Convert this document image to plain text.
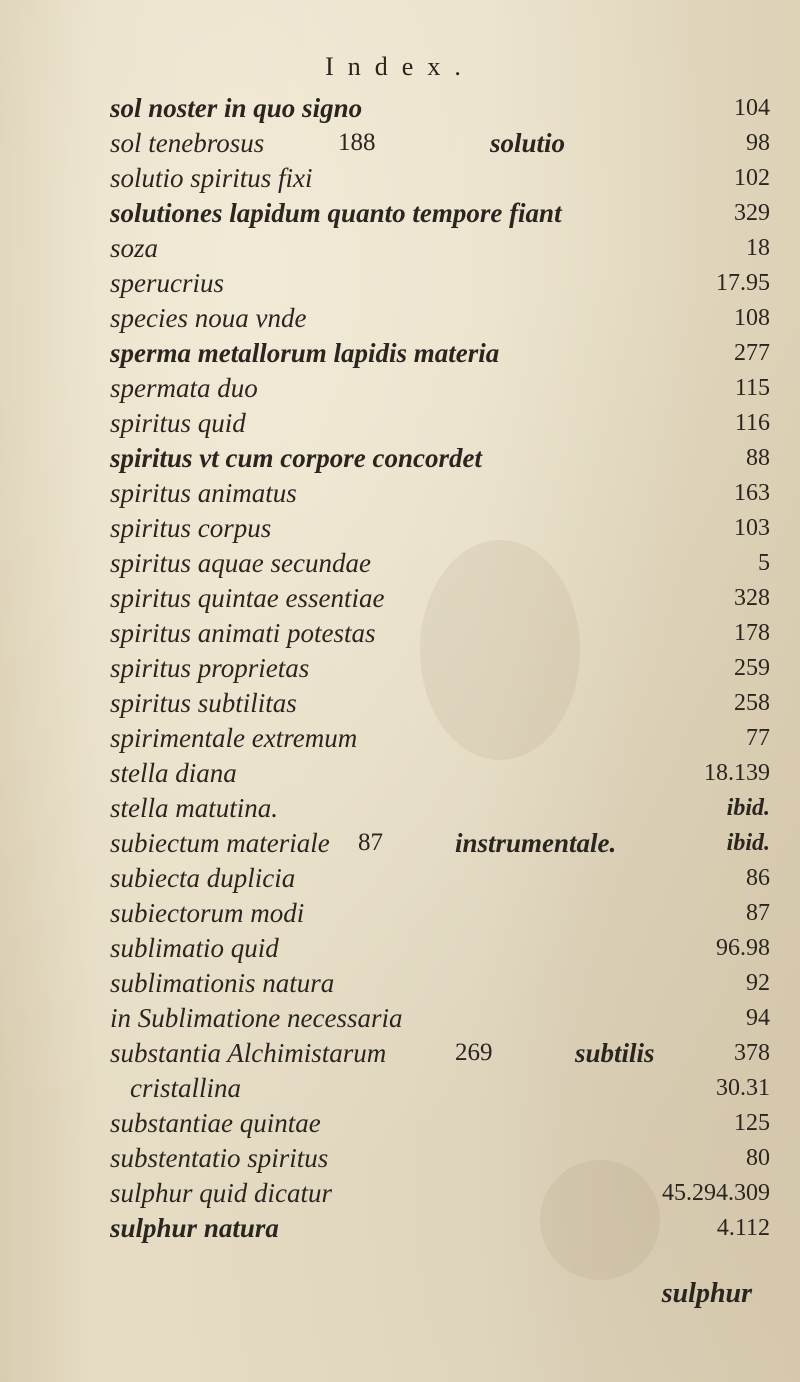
Index.
sol noster in quo signo	104
sol tenebrosus	188	solutio	98
solutio spiritus fixi	102
solutiones lapidum quanto tempore fiant	329
soza	18
sperucrius	17.95
species noua vnde	108
sperma metallorum lapidis materia	277
spermata duo	115
spiritus quid	116
spiritus vt cum corpore concordet	88
spiritus animatus	163
spiritus corpus	103
spiritus aquae secundae	5
spiritus quintae essentiae	328
spiritus animati potestas	178
spiritus proprietas	259
spiritus subtilitas	258
spirimentale extremum	77
stella diana	18.139
stella matutina.	ibid.
subiectum materiale 87	instrumentale.	ibid.
subiecta duplicia	86
subiectorum modi	87
sublimatio quid	96.98
sublimationis natura	92
in Sublimatione necessaria	94
substantia Alchimistarum	269	subtilis	378
cristallina	30.31
substantiae quintae	125
substentatio spiritus	80
sulphur quid dicatur	45.294.309
sulphur natura	4.112
sulphur
